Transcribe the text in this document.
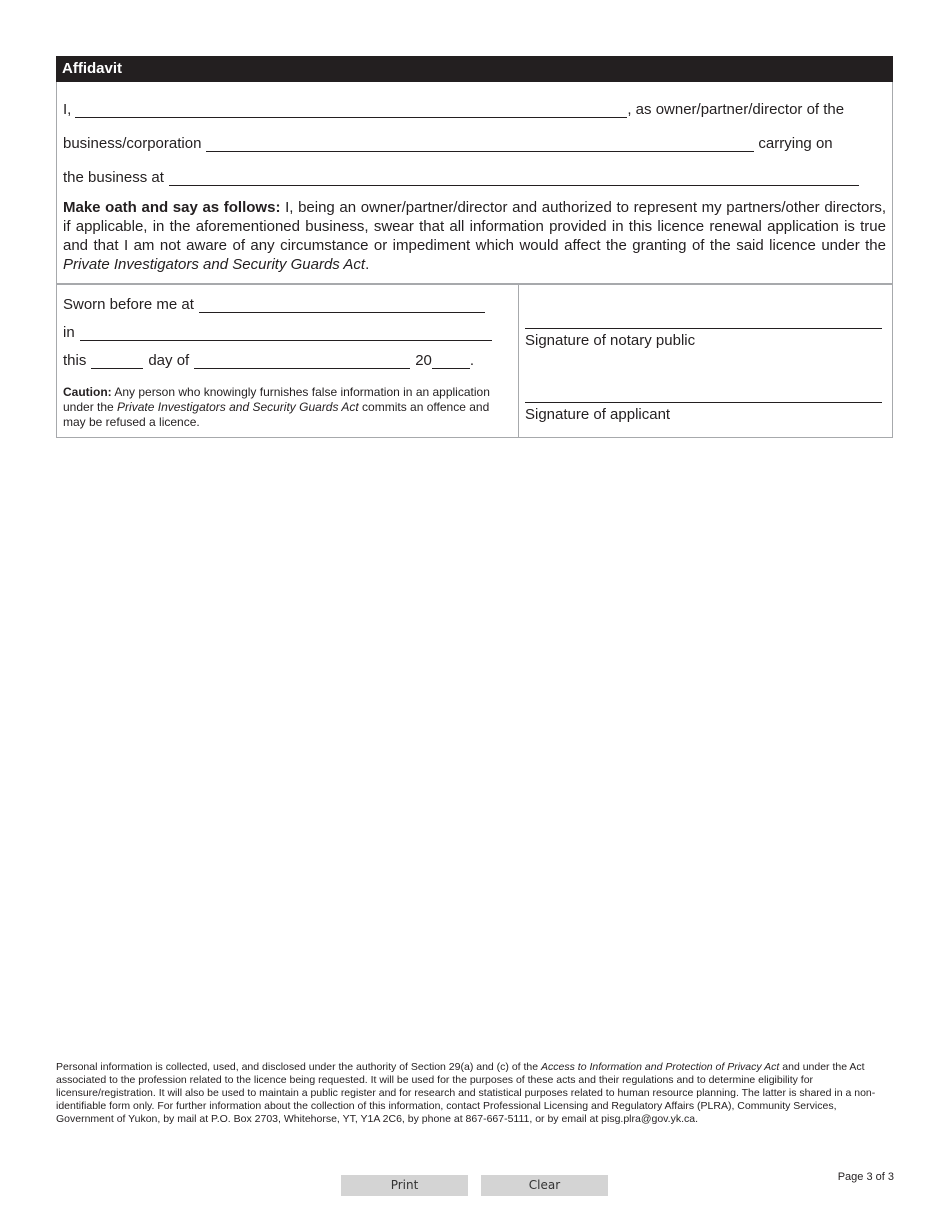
Affidavit
I,	, as owner/partner/director of the
business/corporation	carrying on
the business at
Make oath and say as follows: I, being an owner/partner/director and authorized to represent my partners/other directors, if applicable, in the aforementioned business, swear that all information provided in this licence renewal application is true and that I am not aware of any circumstance or impediment which would affect the granting of the said licence under the Private Investigators and Security Guards Act.
Sworn before me at
in
this	day of	20	.
Caution: Any person who knowingly furnishes false information in an application under the Private Investigators and Security Guards Act commits an offence and may be refused a licence.
Signature of notary public
Signature of applicant
Personal information is collected, used, and disclosed under the authority of Section 29(a) and (c) of the Access to Information and Protection of Privacy Act and under the Act associated to the profession related to the licence being requested. It will be used for the purposes of these acts and their regulations and to determine eligibility for licensure/registration. It will also be used to maintain a public register and for research and statistical purposes related to human resource planning. The latter is shared in a non-identifiable form only. For further information about the collection of this information, contact Professional Licensing and Regulatory Affairs (PLRA), Community Services, Government of Yukon, by mail at P.O. Box 2703, Whitehorse, YT, Y1A 2C6, by phone at 867-667-5111, or by email at pisg.plra@gov.yk.ca.
Print	Clear
Page 3 of 3
